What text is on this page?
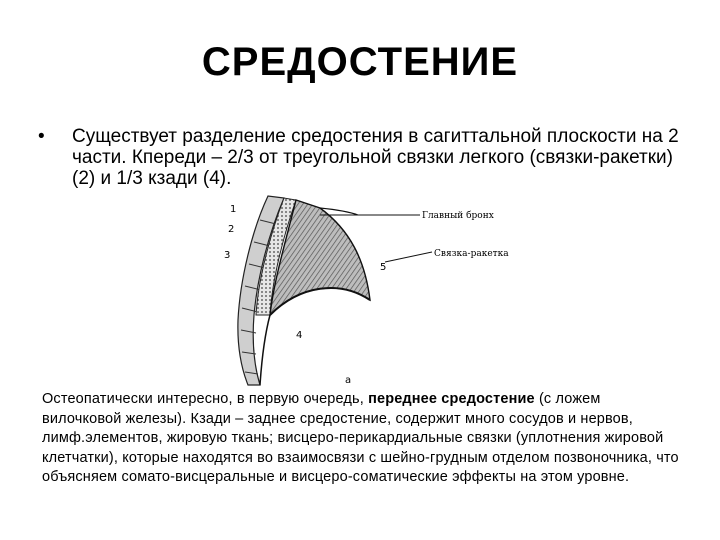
СРЕДОСТЕНИЕ
• Существует разделение средостения в сагиттальной плоскости на 2 части. Кпереди – 2/3 от треугольной связки легкого (связки-ракетки) (2) и 1/3 кзади (4).
1
2
3
4
5
a
Главный бронх
Связка-ракетка
Остеопатически интересно, в первую очередь, переднее средостение (с ложем вилочковой железы). Кзади – заднее средостение, содержит много сосудов и нервов, лимф.элементов, жировую ткань; висцеро-перикардиальные связки (уплотнения жировой клетчатки), которые находятся во взаимосвязи с шейно-грудным отделом позвоночника, что объясняем сомато-висцеральные и висцеро-соматические эффекты на этом уровне.
